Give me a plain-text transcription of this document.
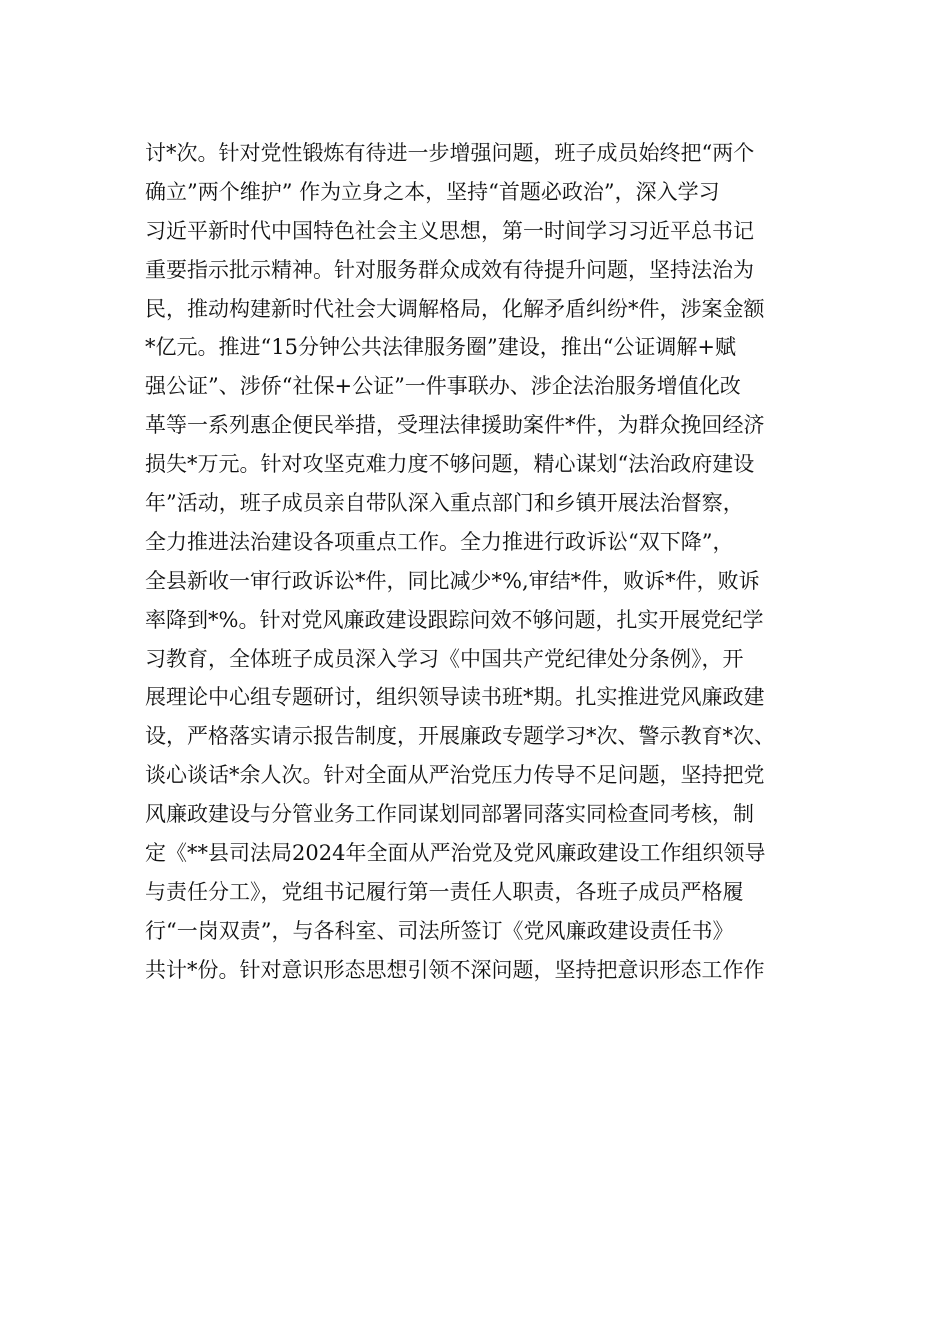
讨*次。针对党性锻炼有待进一步增强问题，班子成员始终把“两个
确立”两个维护” 作为立身之本，坚持“首题必政治”，深入学习
习近平新时代中国特色社会主义思想，第一时间学习习近平总书记
重要指示批示精神。针对服务群众成效有待提升问题，坚持法治为
民，推动构建新时代社会大调解格局，化解矛盾纠纷*件，涉案金额
*亿元。推进“15分钟公共法律服务圈”建设，推出“公证调解+赋
强公证”、涉侨“社保+公证”一件事联办、涉企法治服务增值化改
革等一系列惠企便民举措，受理法律援助案件*件，为群众挽回经济
损失*万元。针对攻坚克难力度不够问题，精心谋划“法治政府建设
年”活动，班子成员亲自带队深入重点部门和乡镇开展法治督察，
全力推进法治建设各项重点工作。全力推进行政诉讼“双下降”，
全县新收一审行政诉讼*件，同比减少*%,审结*件，败诉*件，败诉
率降到*%。针对党风廉政建设跟踪问效不够问题，扎实开展党纪学
习教育，全体班子成员深入学习《中国共产党纪律处分条例》，开
展理论中心组专题研讨，组织领导读书班*期。扎实推进党风廉政建
设，严格落实请示报告制度，开展廉政专题学习*次、警示教育*次、
谈心谈话*余人次。针对全面从严治党压力传导不足问题，坚持把党
风廉政建设与分管业务工作同谋划同部署同落实同检查同考核，制
定《**县司法局2024年全面从严治党及党风廉政建设工作组织领导
与责任分工》，党组书记履行第一责任人职责，各班子成员严格履
行“一岗双责”，与各科室、司法所签订《党风廉政建设责任书》
共计*份。针对意识形态思想引领不深问题，坚持把意识形态工作作
